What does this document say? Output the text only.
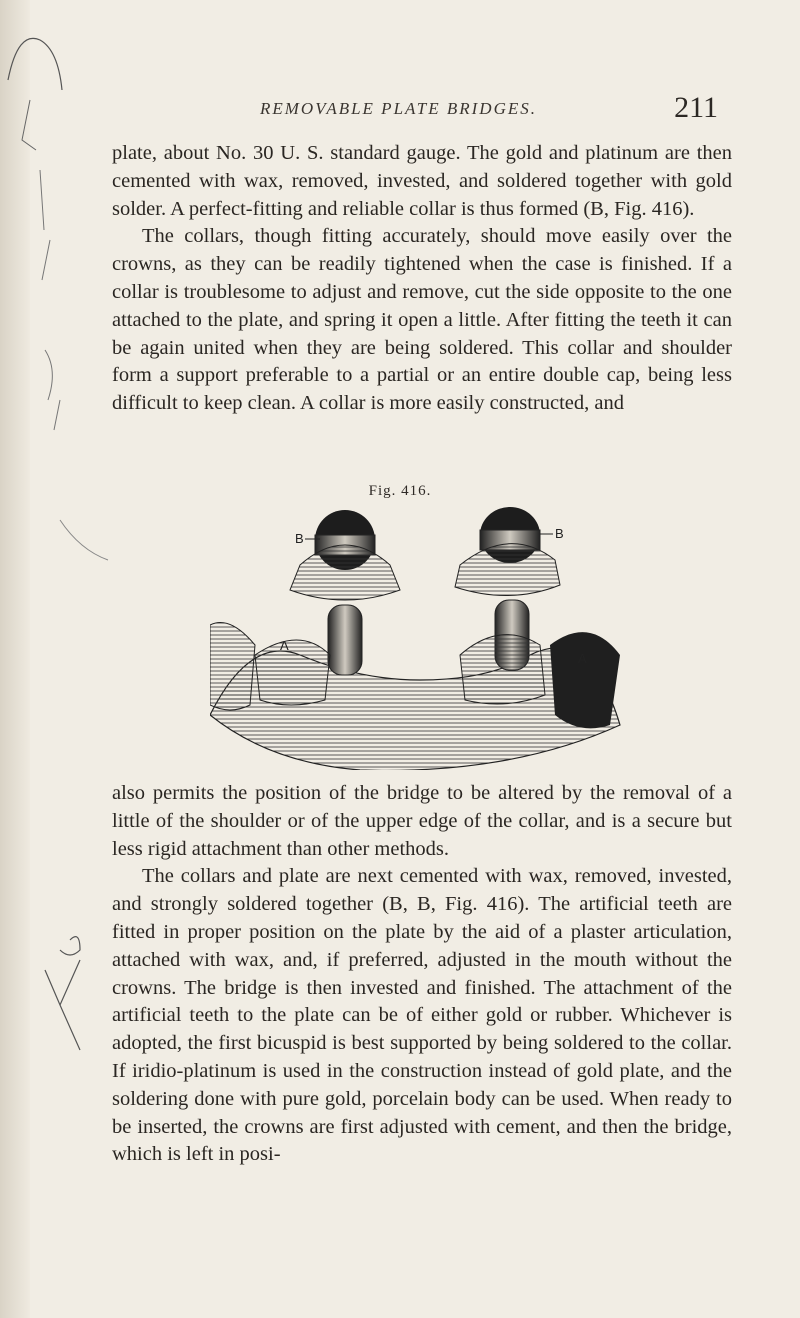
REMOVABLE PLATE BRIDGES.	211

plate, about No. 30 U. S. standard gauge. The gold and platinum are then cemented with wax, removed, invested, and soldered together with gold solder. A perfect-fitting and reliable collar is thus formed (B, Fig. 416).

The collars, though fitting accurately, should move easily over the crowns, as they can be readily tightened when the case is finished. If a collar is troublesome to adjust and remove, cut the side opposite to the one attached to the plate, and spring it open a little. After fitting the teeth it can be again united when they are being soldered. This collar and shoulder form a support preferable to a partial or an entire double cap, being less difficult to keep clean. A collar is more easily constructed, and

Fig. 416.
B	B
A
A

also permits the position of the bridge to be altered by the removal of a little of the shoulder or of the upper edge of the collar, and is a secure but less rigid attachment than other methods.

The collars and plate are next cemented with wax, removed, invested, and strongly soldered together (B, B, Fig. 416). The artificial teeth are fitted in proper position on the plate by the aid of a plaster articulation, attached with wax, and, if preferred, adjusted in the mouth without the crowns. The bridge is then invested and finished. The attachment of the artificial teeth to the plate can be of either gold or rubber. Whichever is adopted, the first bicuspid is best supported by being soldered to the collar. If iridio-platinum is used in the construction instead of gold plate, and the soldering done with pure gold, porcelain body can be used. When ready to be inserted, the crowns are first adjusted with cement, and then the bridge, which is left in posi-
